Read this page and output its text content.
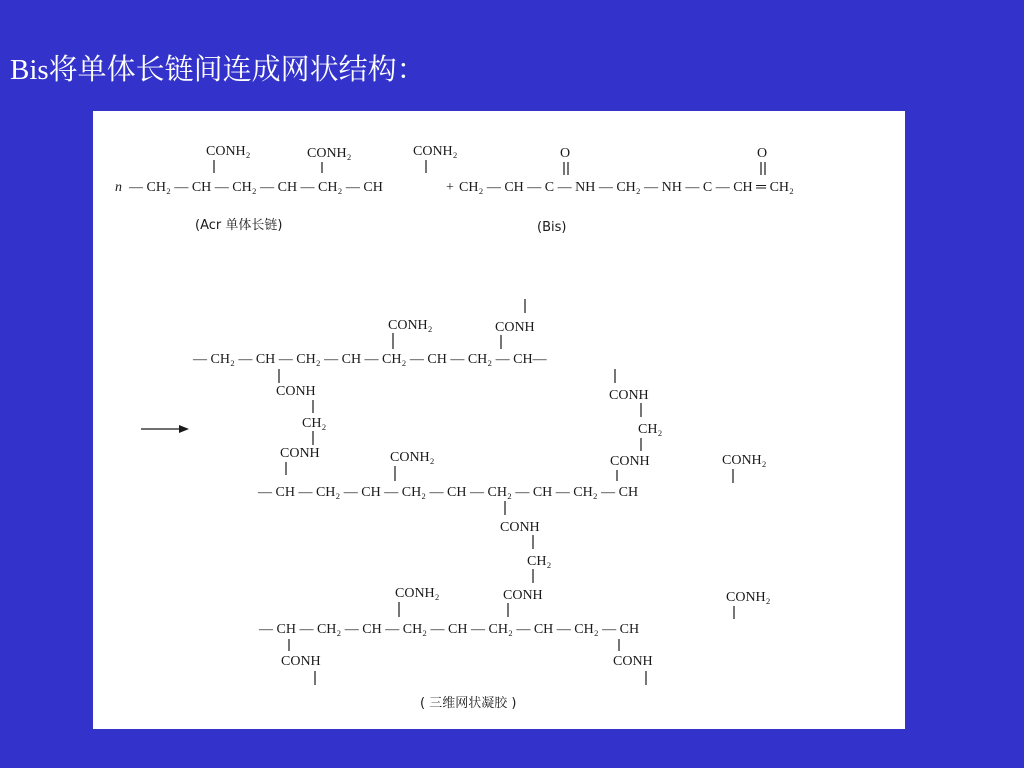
Bis将单体长链间连成网状结构：
n — CH₂ — CH — CH₂ — CH — CH₂ — CH
CONH₂	CONH₂	CONH₂
+ CH₂ — CH — C — NH — CH₂ — NH — C — CH ═ CH₂
O	O
(Acr 单体长链)	(Bis)
— CH₂ — CH — CH₂ — CH — CH₂ — CH — CH₂ — CH—
CONH₂	CONH
CONH
CH₂
CONH
CONH
CH₂
CONH
— CH — CH₂ — CH — CH₂ — CH — CH₂ — CH — CH₂ — CH
CONH₂	CONH₂
CONH
CH₂
CONH
— CH — CH₂ — CH — CH₂ — CH — CH₂ — CH — CH₂ — CH
CONH₂	CONH₂
CONH	CONH
( 三维网状凝胶 )
